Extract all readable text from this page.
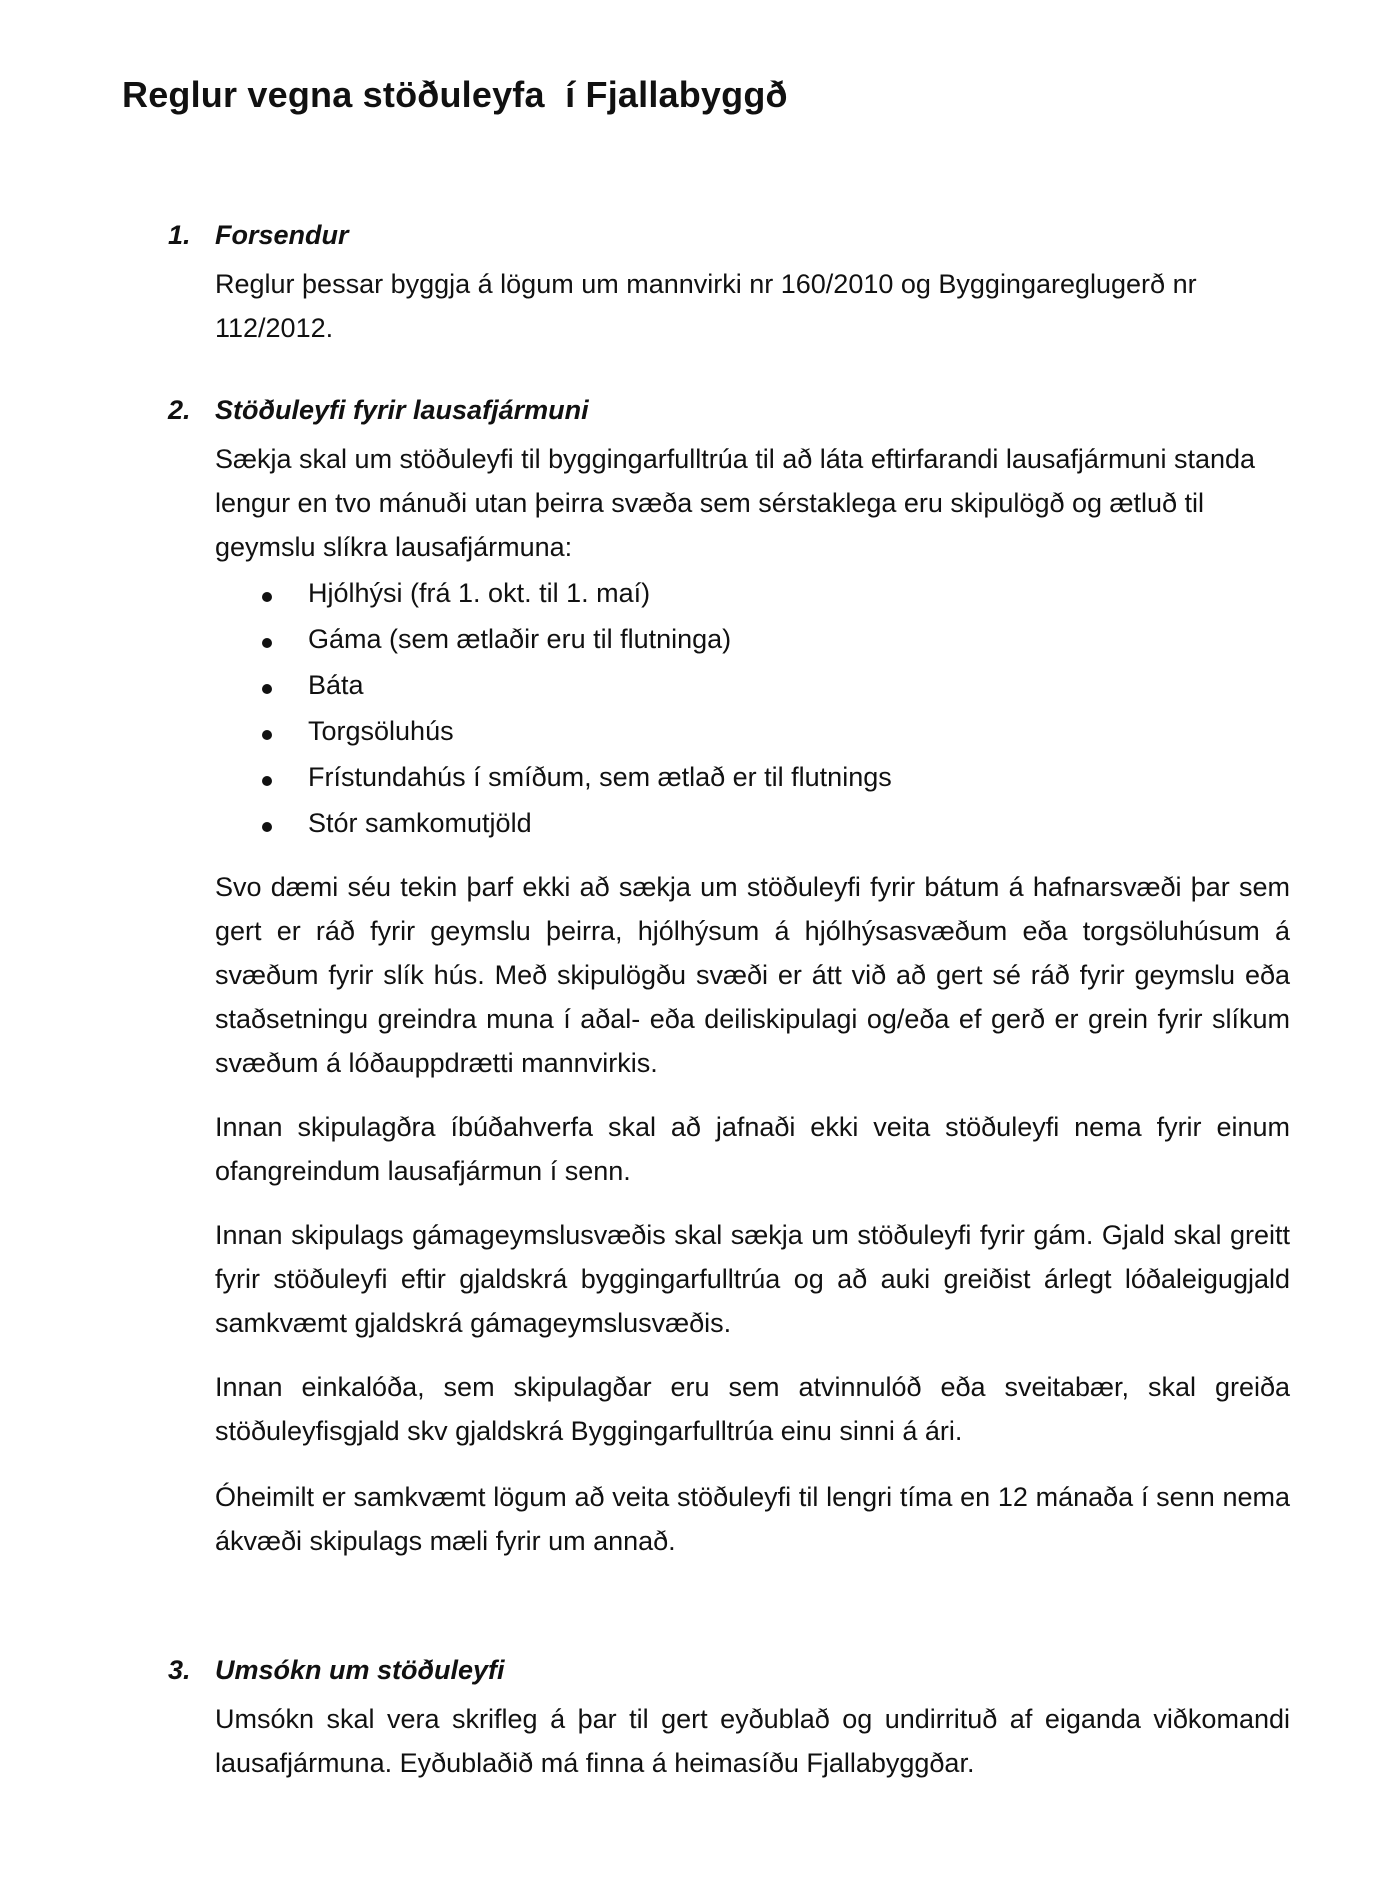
Reglur vegna stöðuleyfa  í Fjallabyggð
1. Forsendur
Reglur þessar byggja á lögum um mannvirki nr 160/2010 og Byggingareglugerð nr 112/2012.
2. Stöðuleyfi fyrir lausafjármuni
Sækja skal um stöðuleyfi til byggingarfulltrúa til að láta eftirfarandi lausafjármuni standa lengur en tvo mánuði utan þeirra svæða sem sérstaklega eru skipulögð og ætluð til geymslu slíkra lausafjármuna:
Hjólhýsi (frá 1. okt. til 1. maí)
Gáma (sem ætlaðir eru til flutninga)
Báta
Torgsöluhús
Frístundahús í smíðum, sem ætlað er til flutnings
Stór samkomutjöld
Svo dæmi séu tekin þarf ekki að sækja um stöðuleyfi fyrir bátum á hafnarsvæði þar sem gert er ráð fyrir geymslu þeirra, hjólhýsum á hjólhýsasvæðum eða torgsöluhúsum á svæðum fyrir slík hús. Með skipulögðu svæði er átt við að gert sé ráð fyrir geymslu eða staðsetningu greindra muna í aðal- eða deiliskipulagi og/eða ef gerð er grein fyrir slíkum svæðum á lóðauppdrætti mannvirkis.
Innan skipulagðra íbúðahverfa skal að jafnaði ekki veita stöðuleyfi nema fyrir einum ofangreindum lausafjármun í senn.
Innan skipulags gámageymslusvæðis skal sækja um stöðuleyfi fyrir gám. Gjald skal greitt fyrir stöðuleyfi eftir gjaldskrá byggingarfulltrúa og að auki greiðist árlegt lóðaleigugjald samkvæmt gjaldskrá gámageymslusvæðis.
Innan einkalóða, sem skipulagðar eru sem atvinnulóð eða sveitabær, skal greiða stöðuleyfisgjald skv gjaldskrá Byggingarfulltrúa einu sinni á ári.
Óheimilt er samkvæmt lögum að veita stöðuleyfi til lengri tíma en 12 mánaða í senn nema ákvæði skipulags mæli fyrir um annað.
3. Umsókn um stöðuleyfi
Umsókn skal vera skrifleg á þar til gert eyðublað og undirrituð af eiganda viðkomandi lausafjármuna. Eyðublaðið má finna á heimasíðu Fjallabyggðar.
